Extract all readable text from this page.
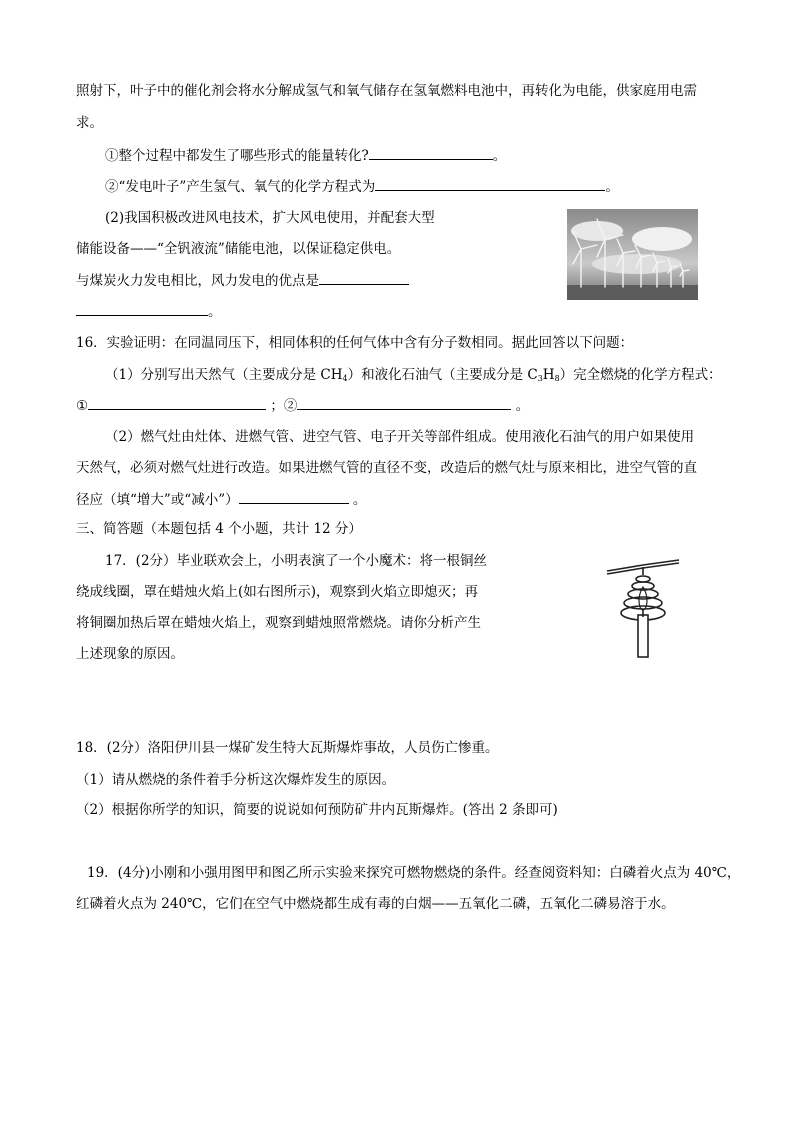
照射下，叶子中的催化剂会将水分解成氢气和氧气储存在氢氧燃料电池中，再转化为电能，供家庭用电需
求。
①整个过程中都发生了哪些形式的能量转化?	。
②“发电叶子”产生氢气、氧气的化学方程式为	。
(2)我国积极改进风电技术，扩大风电使用，并配套大型
储能设备——“全钒液流”储能电池，以保证稳定供电。
与煤炭火力发电相比，风力发电的优点是
。
16．实验证明：在同温同压下，相同体积的任何气体中含有分子数相同。据此回答以下问题：
（1）分别写出天然气（主要成分是 $CH_4$）和液化石油气（主要成分是 $C_3H_8$）完全燃烧的化学方程式：
①	；②	。
（2）燃气灶由灶体、进燃气管、进空气管、电子开关等部件组成。使用液化石油气的用户如果使用
天然气，必须对燃气灶进行改造。如果进燃气管的直径不变，改造后的燃气灶与原来相比，进空气管的直
径应（填“增大”或“减小”）	。
三、简答题（本题包括 4 个小题，共计 12 分）
17．(2分）毕业联欢会上，小明表演了一个小魔术：将一根铜丝
绕成线圈，罩在蜡烛火焰上(如右图所示)，观察到火焰立即熄灭；再
将铜圈加热后罩在蜡烛火焰上，观察到蜡烛照常燃烧。请你分析产生
上述现象的原因。
18．(2分）洛阳伊川县一煤矿发生特大瓦斯爆炸事故，人员伤亡惨重。
（1）请从燃烧的条件着手分析这次爆炸发生的原因。
（2）根据你所学的知识，简要的说说如何预防矿井内瓦斯爆炸。(答出 2 条即可)
19．(4分)小刚和小强用图甲和图乙所示实验来探究可燃物燃烧的条件。经查阅资料知：白磷着火点为 40℃，
红磷着火点为 240℃，它们在空气中燃烧都生成有毒的白烟——五氧化二磷，五氧化二磷易溶于水。
